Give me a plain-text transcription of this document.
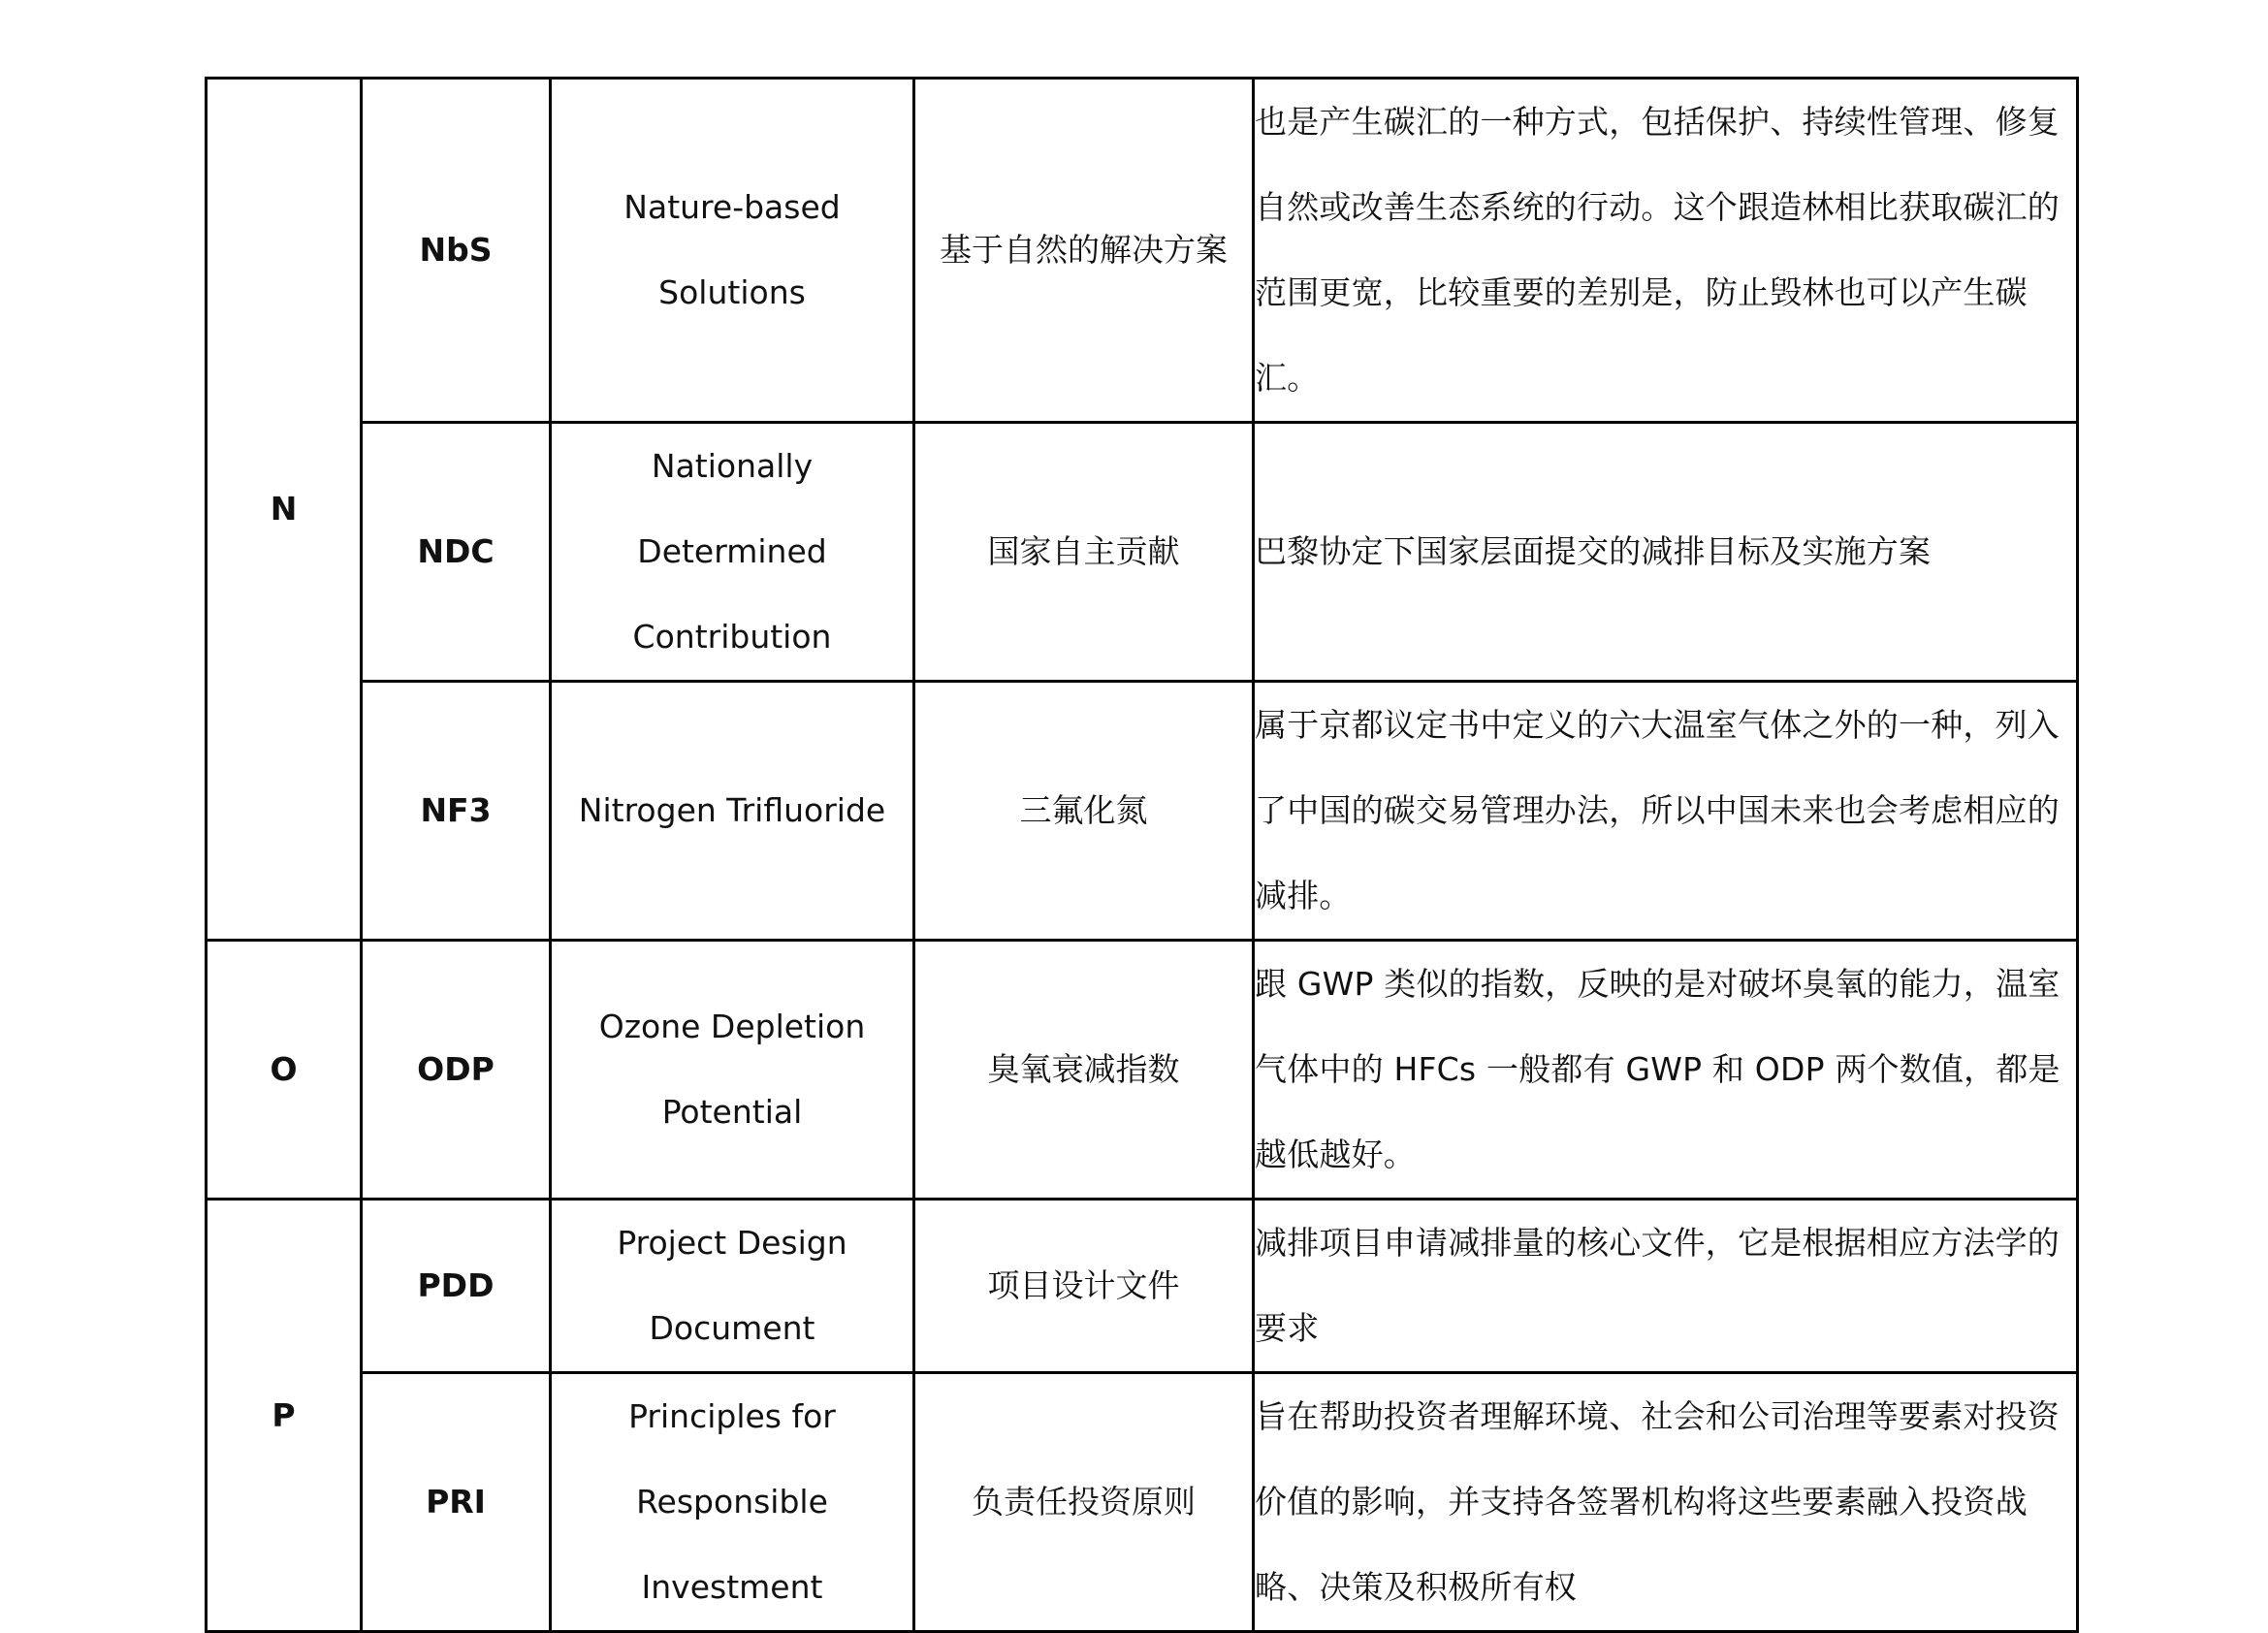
N	NbS	Nature-based Solutions	基于自然的解决方案	也是产生碳汇的一种方式，包括保护、持续性管理、修复自然或改善生态系统的行动。这个跟造林相比获取碳汇的范围更宽，比较重要的差别是，防止毁林也可以产生碳汇。
	NDC	Nationally Determined Contribution	国家自主贡献	巴黎协定下国家层面提交的减排目标及实施方案
	NF3	Nitrogen Trifluoride	三氟化氮	属于京都议定书中定义的六大温室气体之外的一种，列入了中国的碳交易管理办法，所以中国未来也会考虑相应的减排。
O	ODP	Ozone Depletion Potential	臭氧衰减指数	跟 GWP 类似的指数，反映的是对破坏臭氧的能力，温室气体中的 HFCs 一般都有 GWP 和 ODP 两个数值，都是越低越好。
P	PDD	Project Design Document	项目设计文件	减排项目申请减排量的核心文件，它是根据相应方法学的要求
	PRI	Principles for Responsible Investment	负责任投资原则	旨在帮助投资者理解环境、社会和公司治理等要素对投资价值的影响，并支持各签署机构将这些要素融入投资战略、决策及积极所有权
